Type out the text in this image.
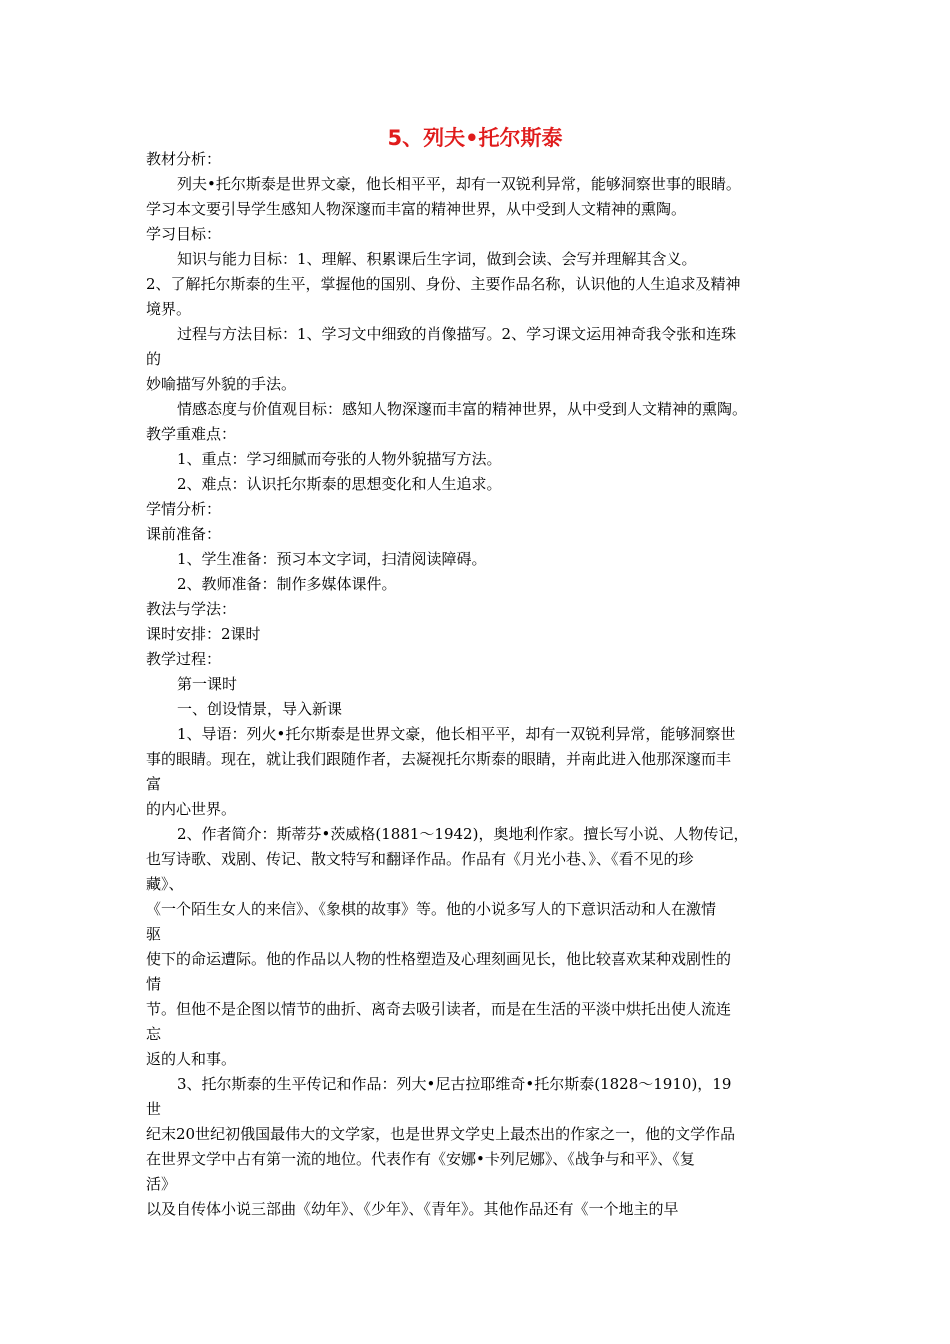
5、列夫•托尔斯泰
教材分析：
列夫•托尔斯泰是世界文豪，他长相平平，却有一双锐利异常，能够洞察世事的眼睛。
学习本文要引导学生感知人物深邃而丰富的精神世界，从中受到人文精神的熏陶。
学习目标：
知识与能力目标：1、理解、积累课后生字词，做到会读、会写并理解其含义。
2、了解托尔斯泰的生平，掌握他的国别、身份、主要作品名称，认识他的人生追求及精神
境界。
过程与方法目标：1、学习文中细致的肖像描写。2、学习课文运用神奇我令张和连珠
的
妙喻描写外貌的手法。
情感态度与价值观目标：感知人物深邃而丰富的精神世界，从中受到人文精神的熏陶。
教学重难点：
1、重点：学习细腻而夸张的人物外貌描写方法。
2、难点：认识托尔斯泰的思想变化和人生追求。
学情分析：
课前准备：
1、学生准备：预习本文字词，扫清阅读障碍。
2、教师准备：制作多媒体课件。
教法与学法：
课时安排：2课时
教学过程：
第一课时
一、创设情景，导入新课
1、导语：列火•托尔斯泰是世界文豪，他长相平平，却有一双锐利异常，能够洞察世
事的眼睛。现在，就让我们跟随作者，去凝视托尔斯泰的眼睛，并南此进入他那深邃而丰
富
的内心世界。
2、作者简介：斯蒂芬•茨威格(1881～1942)，奥地利作家。擅长写小说、人物传记，
也写诗歌、戏剧、传记、散文特写和翻译作品。作品有《月光小巷、》、《看不见的珍
藏》、
《一个陌生女人的来信》、《象棋的故事》等。他的小说多写人的下意识活动和人在激情
驱
使下的命运遭际。他的作品以人物的性格塑造及心理刻画见长，他比较喜欢某种戏剧性的
情
节。但他不是企图以情节的曲折、离奇去吸引读者，而是在生活的平淡中烘托出使人流连
忘
返的人和事。
3、托尔斯泰的生平传记和作品：列大•尼古拉耶维奇•托尔斯泰(1828～1910)，19
世
纪末20世纪初俄国最伟大的文学家，也是世界文学史上最杰出的作家之一，他的文学作品
在世界文学中占有第一流的地位。代表作有《安娜•卡列尼娜》、《战争与和平》、《复
活》
以及自传体小说三部曲《幼年》、《少年》、《青年》。其他作品还有《一个地主的早
